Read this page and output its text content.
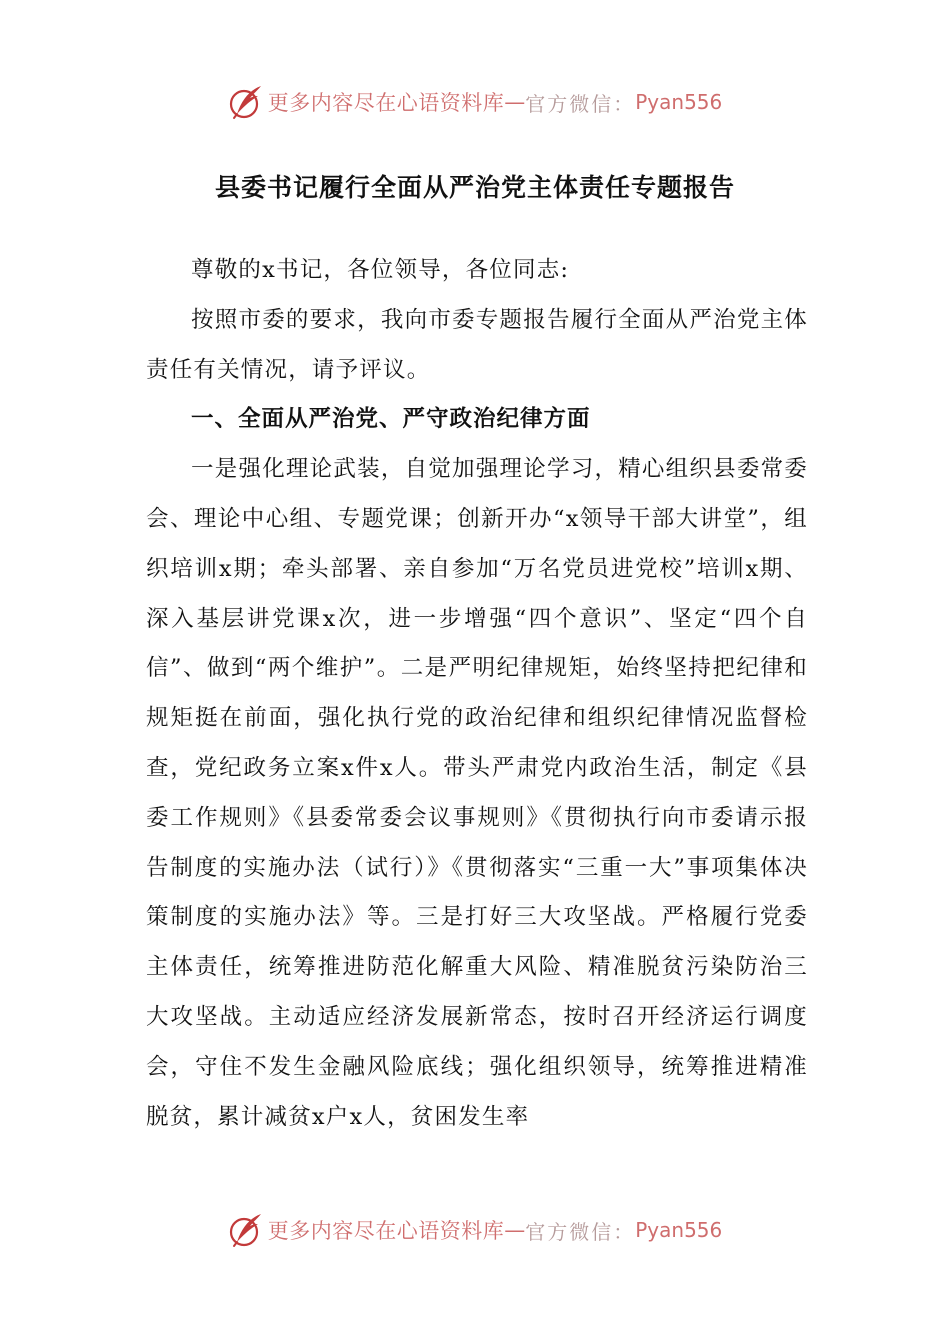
更多内容尽在心语资料库 — 官方微信： Pyan556
县委书记履行全面从严治党主体责任专题报告

尊敬的x书记，各位领导，各位同志:

按照市委的要求，我向市委专题报告履行全面从严治党主体责任有关情况，请予评议。

一、全面从严治党、严守政治纪律方面

一是强化理论武装，自觉加强理论学习，精心组织县委常委会、理论中心组、专题党课；创新开办“x领导干部大讲堂”，组织培训x期；牵头部署、亲自参加“万名党员进党校”培训x期、深入基层讲党课x次，进一步增强“四个意识”、坚定“四个自信”、做到“两个维护”。二是严明纪律规矩，始终坚持把纪律和规矩挺在前面，强化执行党的政治纪律和组织纪律情况监督检查，党纪政务立案x件x人。带头严肃党内政治生活，制定《县委工作规则》《县委常委会议事规则》《贯彻执行向市委请示报告制度的实施办法（试行）》《贯彻落实“三重一大”事项集体决策制度的实施办法》等。三是打好三大攻坚战。严格履行党委主体责任，统筹推进防范化解重大风险、精准脱贫污染防治三大攻坚战。主动适应经济发展新常态，按时召开经济运行调度会，守住不发生金融风险底线；强化组织领导，统筹推进精准脱贫，累计减贫x户x人，贫困发生率

更多内容尽在心语资料库 — 官方微信： Pyan556
